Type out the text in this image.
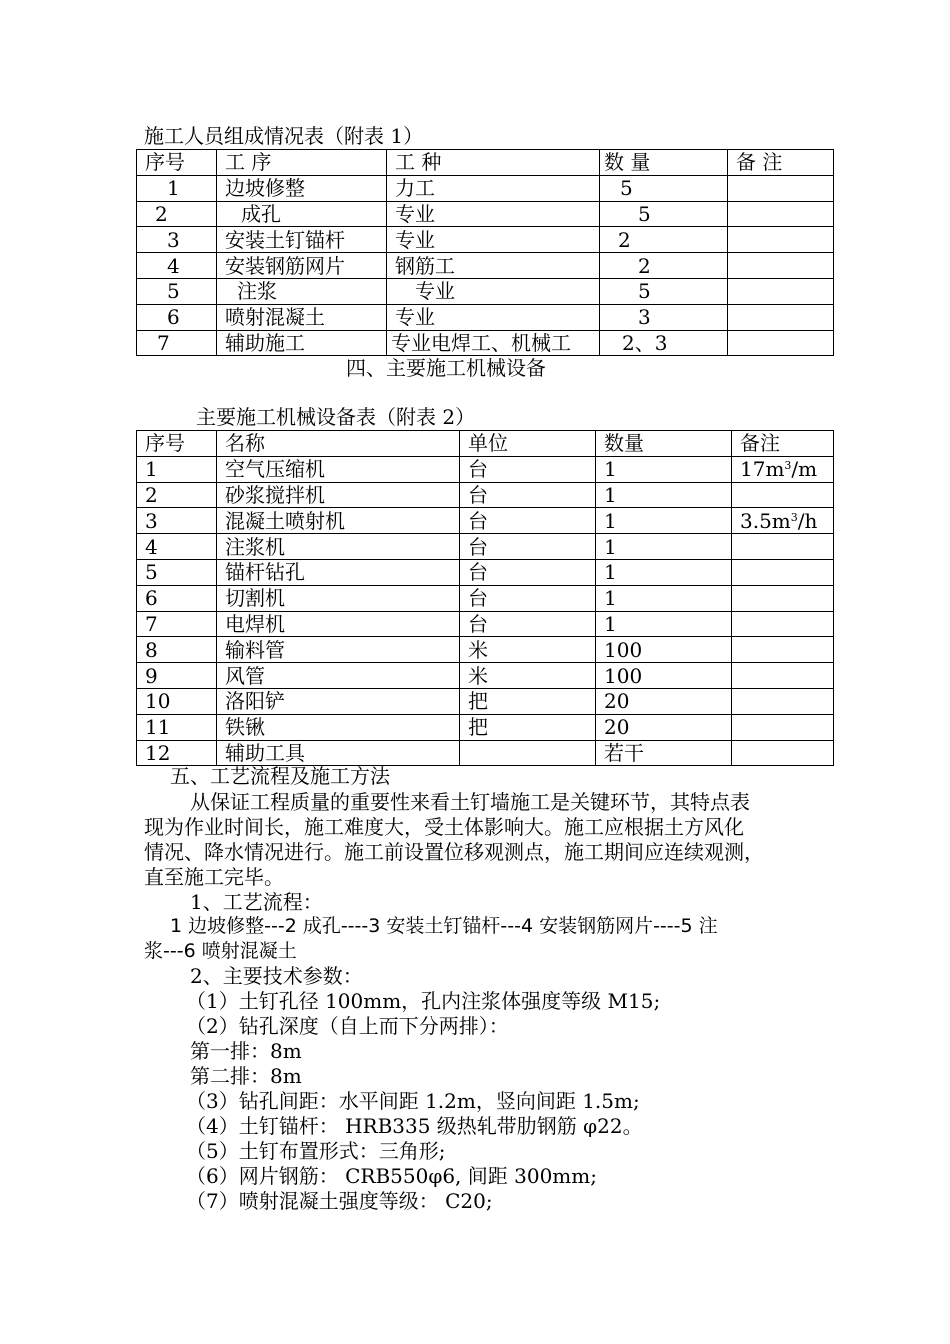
施工人员组成情况表（附表 1）
序号	工 序	工 种	数 量	备 注
1	边坡修整	力工	5	
2	成孔	专业	5	
3	安装土钉锚杆	专业	2	
4	安装钢筋网片	钢筋工	2	
5	注浆	专业	5	
6	喷射混凝土	专业	3	
7	辅助施工	专业电焊工、机械工	2、3	
四、主要施工机械设备
主要施工机械设备表（附表 2）
序号	名称	单位	数量	备注
1	空气压缩机	台	1	$17m^3/m$
2	砂浆搅拌机	台	1	
3	混凝土喷射机	台	1	$3.5m^3/h$
4	注浆机	台	1	
5	锚杆钻孔	台	1	
6	切割机	台	1	
7	电焊机	台	1	
8	输料管	米	100	
9	风管	米	100	
10	洛阳铲	把	20	
11	铁锹	把	20	
12	辅助工具		若干	
五、工艺流程及施工方法
从保证工程质量的重要性来看土钉墙施工是关键环节，其特点表
现为作业时间长，施工难度大，受土体影响大。施工应根据土方风化
情况、降水情况进行。施工前设置位移观测点，施工期间应连续观测，
直至施工完毕。
1、工艺流程：
1 边坡修整---2 成孔----3 安装土钉锚杆---4 安装钢筋网片----5 注
浆---6 喷射混凝土
2、主要技术参数：
（1）土钉孔径 100mm，孔内注浆体强度等级 M15;
（2）钻孔深度（自上而下分两排）：
第一排：8m
第二排：8m
（3）钻孔间距：水平间距 1.2m，竖向间距 1.5m;
（4）土钉锚杆： HRB335 级热轧带肋钢筋 φ22。
（5）土钉布置形式：三角形;
（6）网片钢筋： CRB550φ6, 间距 300mm;
（7）喷射混凝土强度等级： C20;
